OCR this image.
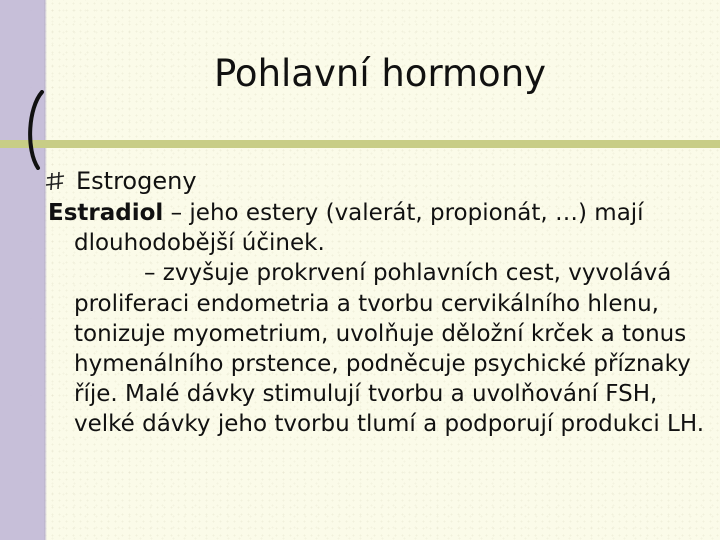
Pohlavní hormony
Estrogeny

Estradiol – jeho estery (valerát, propionát, …) mají dlouhodobější účinek.

– zvyšuje prokrvení pohlavních cest, vyvolává proliferaci endometria a tvorbu cervikálního hlenu, tonizuje myometrium, uvolňuje děložní krček a tonus hymenálního prstence, podněcuje psychické příznaky říje. Malé dávky stimulují tvorbu a uvolňování FSH, velké dávky jeho tvorbu tlumí a podporují produkci LH.
